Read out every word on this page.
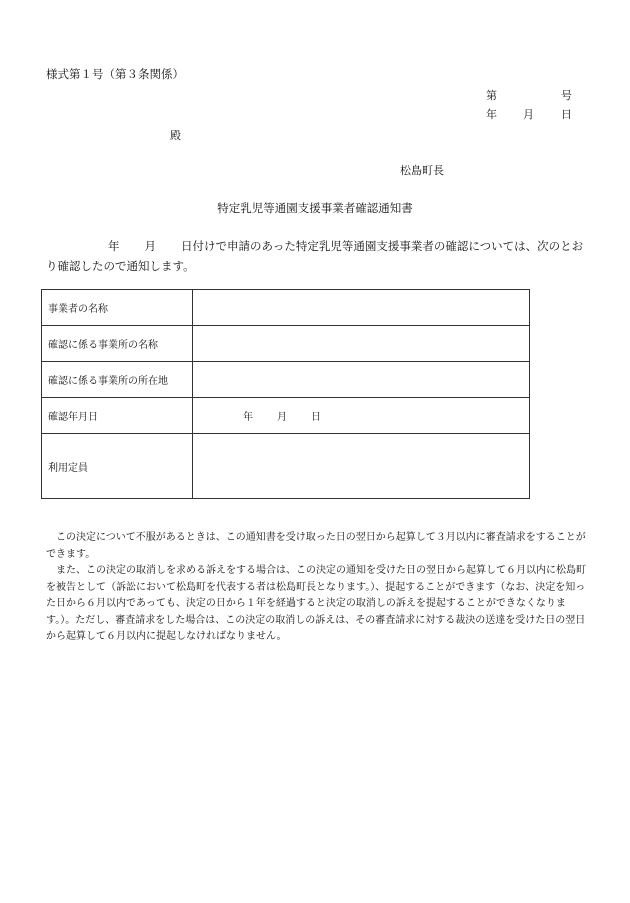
様式第１号（第３条関係）
第	号
年 月 日
殿
松島町長
特定乳児等通園支援事業者確認通知書
年 月 日付けで申請のあった特定乳児等通園支援事業者の確認については、次のとおり確認したので通知します。
事業者の名称	
確認に係る事業所の名称	
確認に係る事業所の所在地	
確認年月日	年 月 日
利用定員	

この決定について不服があるときは、この通知書を受け取った日の翌日から起算して３月以内に審査請求をすることができます。

また、この決定の取消しを求める訴えをする場合は、この決定の通知を受けた日の翌日から起算して６月以内に松島町を被告として（訴訟において松島町を代表する者は松島町長となります。）、提起することができます（なお、決定を知った日から６月以内であっても、決定の日から１年を経過すると決定の取消しの訴えを提起することができなくなります。）。ただし、審査請求をした場合は、この決定の取消しの訴えは、その審査請求に対する裁決の送達を受けた日の翌日から起算して６月以内に提起しなければなりません。
